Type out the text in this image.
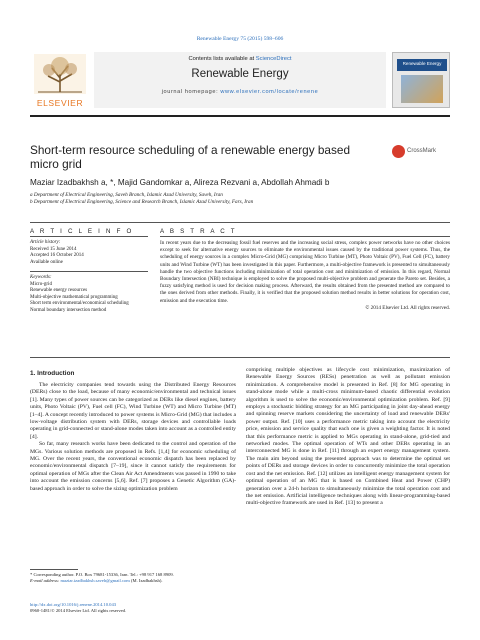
Renewable Energy 75 (2015) 598–606
ELSEVIER
Contents lists available at ScienceDirect
Renewable Energy
journal homepage: www.elsevier.com/locate/renene
Renewable Energy
Short-term resource scheduling of a renewable energy based micro grid
CrossMark
Maziar Izadbakhsh a, *, Majid Gandomkar a, Alireza Rezvani a, Abdollah Ahmadi b
a Department of Electrical Engineering, Saveh Branch, Islamic Azad University, Saveh, Iran
b Department of Electrical Engineering, Science and Research Branch, Islamic Azad University, Fars, Iran
A R T I C L E I N F O	A B S T R A C T
Article history:
Received 15 June 2014
Accepted 16 October 2014
Available online
Keywords:
Micro-grid
Renewable energy resources
Multi-objective mathematical programming
Short term environmental/economical scheduling
Normal boundary intersection method
In recent years due to the decreasing fossil fuel reserves and the increasing social stress, complex power networks have no other choices except to seek for alternative energy sources to eliminate the environmental issues caused by the traditional power systems. Thus, the scheduling of energy sources in a complex Micro-Grid (MG) comprising Micro Turbine (MT), Photo Voltaic (PV), Fuel Cell (FC), battery units and Wind Turbine (WT) has been investigated in this paper. Furthermore, a multi-objective framework is presented to simultaneously handle the two objective functions including minimization of total operation cost and minimization of emission. In this regard, Normal Boundary Intersection (NBI) technique is employed to solve the proposed multi-objective problem and generate the Pareto set. Besides, a fuzzy satisfying method is used for decision making process. Afterward, the results obtained from the presented method are compared to the ones derived from other methods. Finally, it is verified that the proposed solution method results in better solutions for operation cost, emission and the execution time.
© 2014 Elsevier Ltd. All rights reserved.
1. Introduction

The electricity companies tend towards using the Distributed Energy Resources (DERs) close to the load, because of many economic/environmental and technical issues [1]. Many types of power sources can be categorized as DERs like diesel engines, battery units, Photo Voltaic (PV), Fuel cell (FC), Wind Turbine (WT) and Micro Turbine (MT) [1–4]. A concept recently introduced to power systems is Micro-Grid (MG) that includes a low-voltage distribution system with DERs, storage devices and controllable loads operating in grid-connected or stand-alone modes taken into account as a controlled entity [4].

So far, many research works have been dedicated to the control and operation of the MGs. Various solution methods are proposed in Refs. [1,4] for economic scheduling of MG. Over the recent years, the conventional economic dispatch has been replaced by economic/environmental dispatch [7–19], since it cannot satisfy the requirements for optimal operation of MGs after the Clean Air Act Amendments was passed in 1990 to take into account the emission concerns [5,6]. Ref. [7] proposes a Genetic Algorithm (GA)-based approach in order to solve the sizing optimization problem

comprising multiple objectives as lifecycle cost minimization, maximization of Renewable Energy Sources (RESs) penetration as well as pollutant emission minimization. A comprehensive model is presented in Ref. [8] for MG operating in stand-alone mode while a multi-cross minimum-based chaotic differential evolution algorithm is used to solve the economic/environmental optimization problem. Ref. [9] employs a stochastic bidding strategy for an MG participating in joint day-ahead energy and spinning reserve markets considering the uncertainty of load and renewable DERs' power output. Ref. [10] uses a performance metric taking into account the electricity price, emission and service quality that each one is given a weighting factor. It is noted that this performance metric is applied to MGs operating in stand-alone, grid-tied and networked modes. The optimal operation of WTs and other DERs operating in an interconnected MG is done in Ref. [11] through an expert energy management system. The main aim beyond using the presented approach was to determine the optimal set points of DERs and storage devices in order to concurrently minimize the total operation cost and the net emission. Ref. [12] utilizes an intelligent energy management system for optimal operation of an MG that is based on Combined Heat and Power (CHP) generation over a 24-h horizon to simultaneously minimize the total operation cost and the net emission. Artificial intelligence techniques along with linear-programming-based multi-objective framework are used in Ref. [13] to present a
* Corresponding author. P.O. Box 79681-15336, Iran. Tel.: +98 917 168 8909.
E-mail address: maziar.izadbakhsh.saveh@gmail.com (M. Izadbakhsh).
http://dx.doi.org/10.1016/j.renene.2014.10.043
0960-1481/© 2014 Elsevier Ltd. All rights reserved.
